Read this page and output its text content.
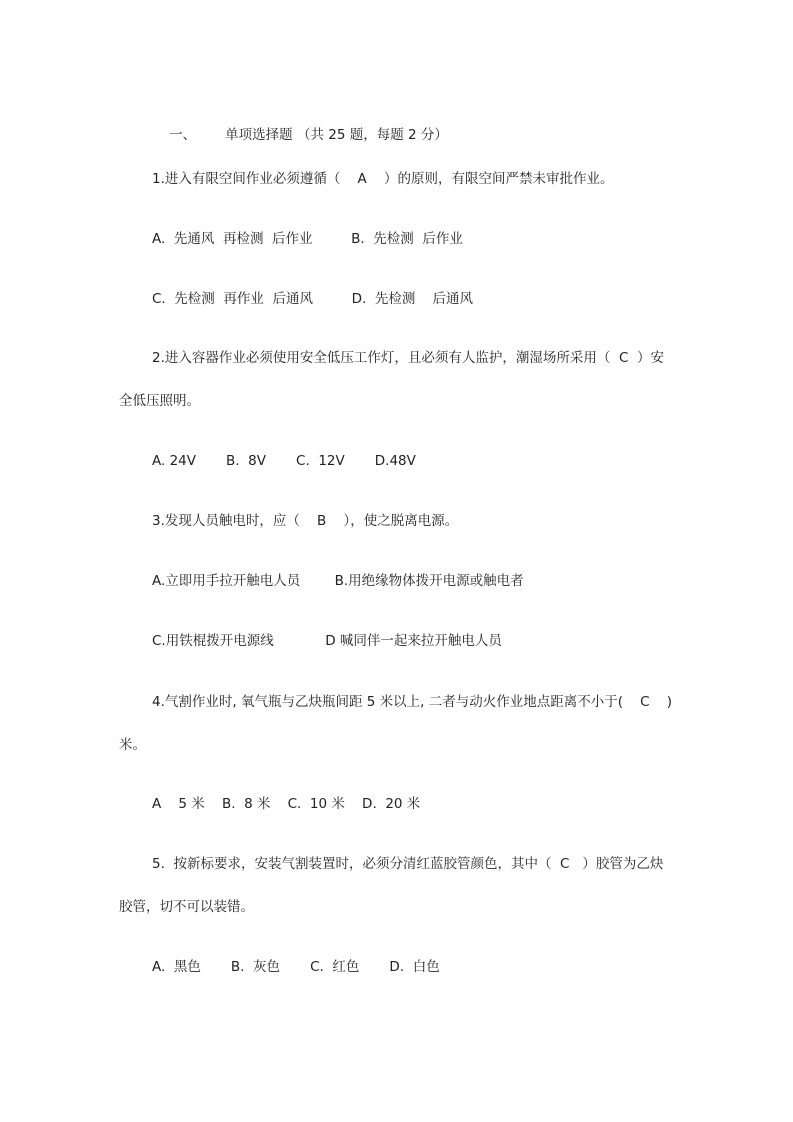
一、 单项选择题 （共 25 题，每题 2 分）

1.进入有限空间作业必须遵循（    A    ）的原则，有限空间严禁未审批作业。
A.  先通风  再检测  后作业         B.  先检测  后作业
C.  先检测  再作业  后通风         D.  先检测    后通风
2.进入容器作业必须使用安全低压工作灯，且必须有人监护，潮湿场所采用（  C  ）安
全低压照明。
A. 24V       B.  8V       C.  12V       D.48V
3.发现人员触电时，应（    B    ），使之脱离电源。
A.立即用手拉开触电人员        B.用绝缘物体拨开电源或触电者
C.用铁棍拨开电源线            D 喊同伴一起来拉开触电人员
4.气割作业时, 氧气瓶与乙炔瓶间距 5 米以上, 二者与动火作业地点距离不小于(    C    )
米。
A    5 米    B.  8 米    C.  10 米    D.  20 米
5.  按新标要求，安装气割装置时，必须分清红蓝胶管颜色，其中（  C   ）胶管为乙炔
胶管，切不可以装错。
A.  黑色       B.  灰色       C.  红色       D.  白色
